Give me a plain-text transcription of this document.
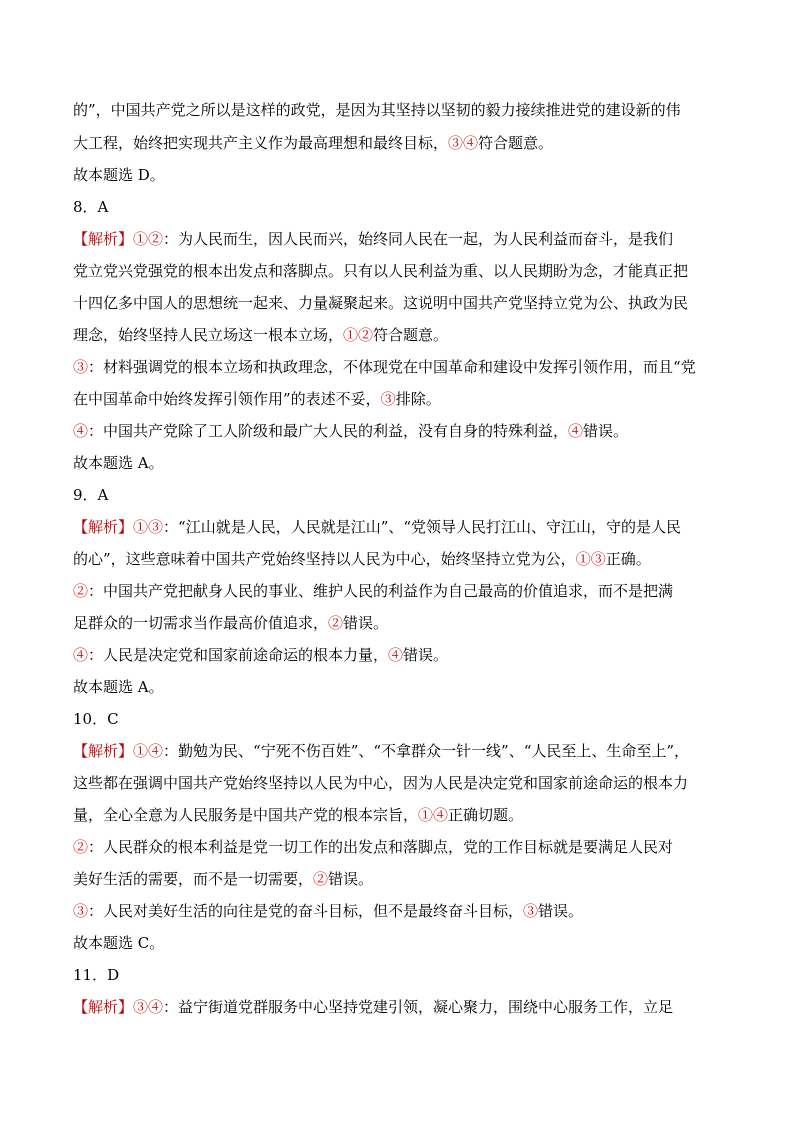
的”，中国共产党之所以是这样的政党，是因为其坚持以坚韧的毅力接续推进党的建设新的伟
大工程，始终把实现共产主义作为最高理想和最终目标，③④符合题意。
故本题选 D。
8．A
【解析】①②：为人民而生，因人民而兴，始终同人民在一起，为人民利益而奋斗，是我们
党立党兴党强党的根本出发点和落脚点。只有以人民利益为重、以人民期盼为念，才能真正把
十四亿多中国人的思想统一起来、力量凝聚起来。这说明中国共产党坚持立党为公、执政为民
理念，始终坚持人民立场这一根本立场，①②符合题意。
③：材料强调党的根本立场和执政理念，不体现党在中国革命和建设中发挥引领作用，而且“党
在中国革命中始终发挥引领作用”的表述不妥，③排除。
④：中国共产党除了工人阶级和最广大人民的利益，没有自身的特殊利益，④错误。
故本题选 A。
9．A
【解析】①③：“江山就是人民，人民就是江山”、“党领导人民打江山、守江山，守的是人民
的心”，这些意味着中国共产党始终坚持以人民为中心，始终坚持立党为公，①③正确。
②：中国共产党把献身人民的事业、维护人民的利益作为自己最高的价值追求，而不是把满
足群众的一切需求当作最高价值追求，②错误。
④：人民是决定党和国家前途命运的根本力量，④错误。
故本题选 A。
10．C
【解析】①④：勤勉为民、“宁死不伤百姓”、“不拿群众一针一线”、“人民至上、生命至上”，
这些都在强调中国共产党始终坚持以人民为中心，因为人民是决定党和国家前途命运的根本力
量，全心全意为人民服务是中国共产党的根本宗旨，①④正确切题。
②：人民群众的根本利益是党一切工作的出发点和落脚点，党的工作目标就是要满足人民对
美好生活的需要，而不是一切需要，②错误。
③：人民对美好生活的向往是党的奋斗目标，但不是最终奋斗目标，③错误。
故本题选 C。
11．D
【解析】③④：益宁街道党群服务中心坚持党建引领，凝心聚力，围绕中心服务工作，立足
